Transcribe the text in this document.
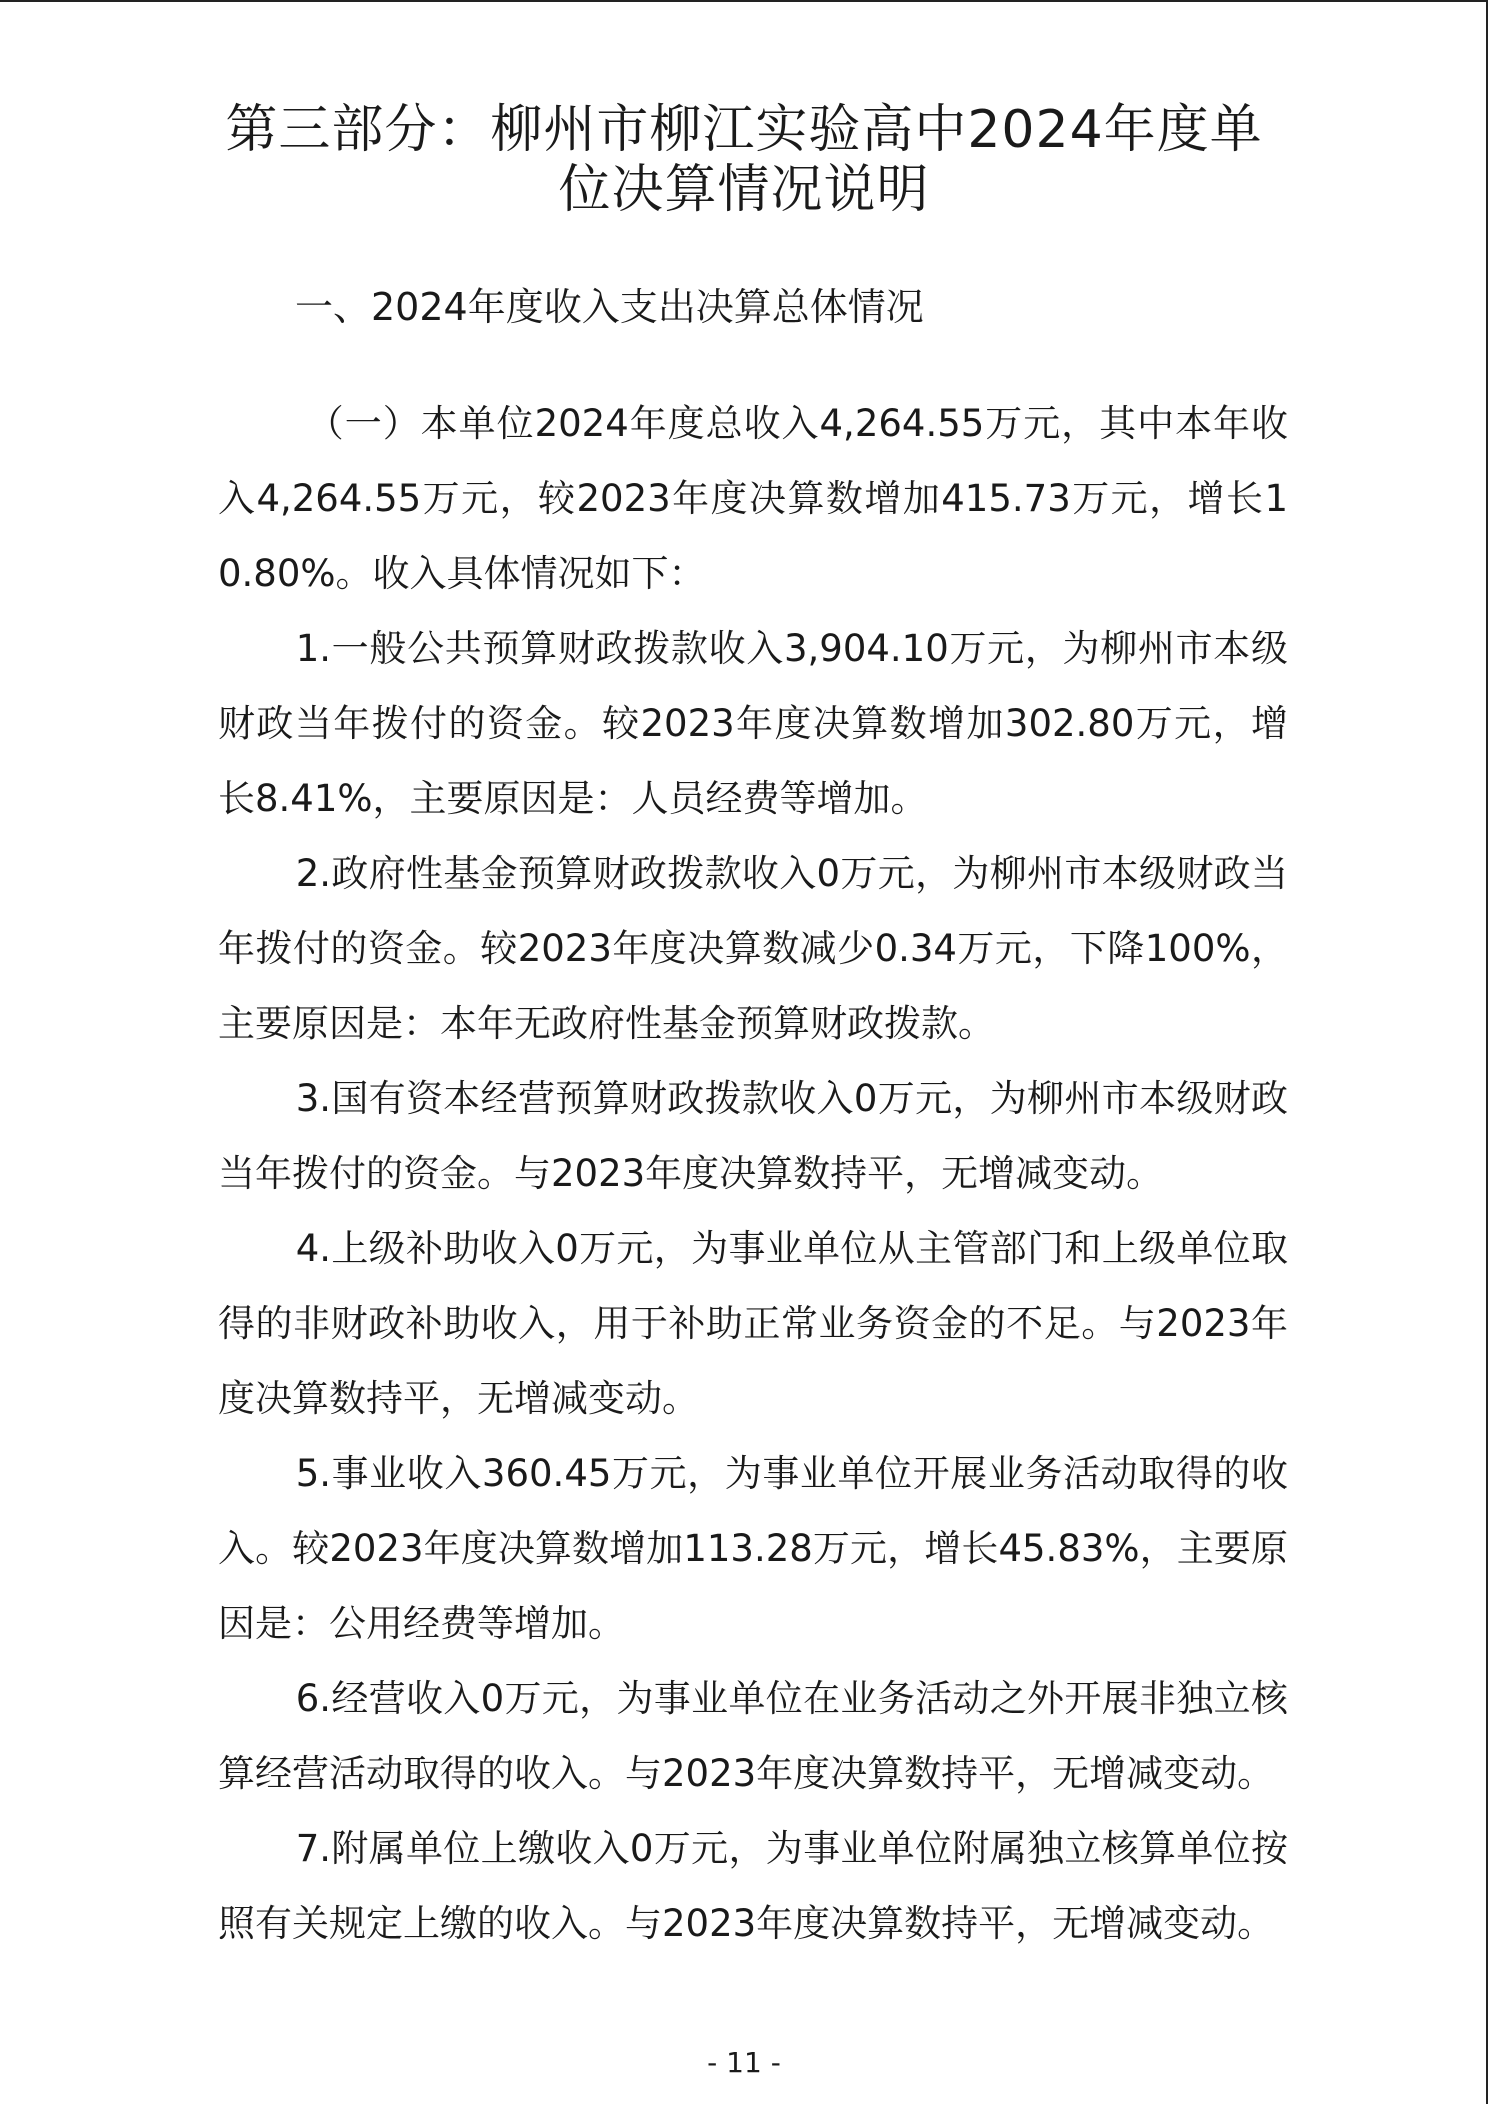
第三部分：柳州市柳江实验高中2024年度单位决算情况说明
一、2024年度收入支出决算总体情况

（一）本单位2024年度总收入4,264.55万元，其中本年收入4,264.55万元，较2023年度决算数增加415.73万元，增长10.80%。收入具体情况如下：

1.一般公共预算财政拨款收入3,904.10万元，为柳州市本级财政当年拨付的资金。较2023年度决算数增加302.80万元，增长8.41%，主要原因是：人员经费等增加。

2.政府性基金预算财政拨款收入0万元，为柳州市本级财政当年拨付的资金。较2023年度决算数减少0.34万元，下降100%，主要原因是：本年无政府性基金预算财政拨款。

3.国有资本经营预算财政拨款收入0万元，为柳州市本级财政当年拨付的资金。与2023年度决算数持平，无增减变动。

4.上级补助收入0万元，为事业单位从主管部门和上级单位取得的非财政补助收入，用于补助正常业务资金的不足。与2023年度决算数持平，无增减变动。

5.事业收入360.45万元，为事业单位开展业务活动取得的收入。较2023年度决算数增加113.28万元，增长45.83%，主要原因是：公用经费等增加。

6.经营收入0万元，为事业单位在业务活动之外开展非独立核算经营活动取得的收入。与2023年度决算数持平，无增减变动。

7.附属单位上缴收入0万元，为事业单位附属独立核算单位按照有关规定上缴的收入。与2023年度决算数持平，无增减变动。

- 11 -
